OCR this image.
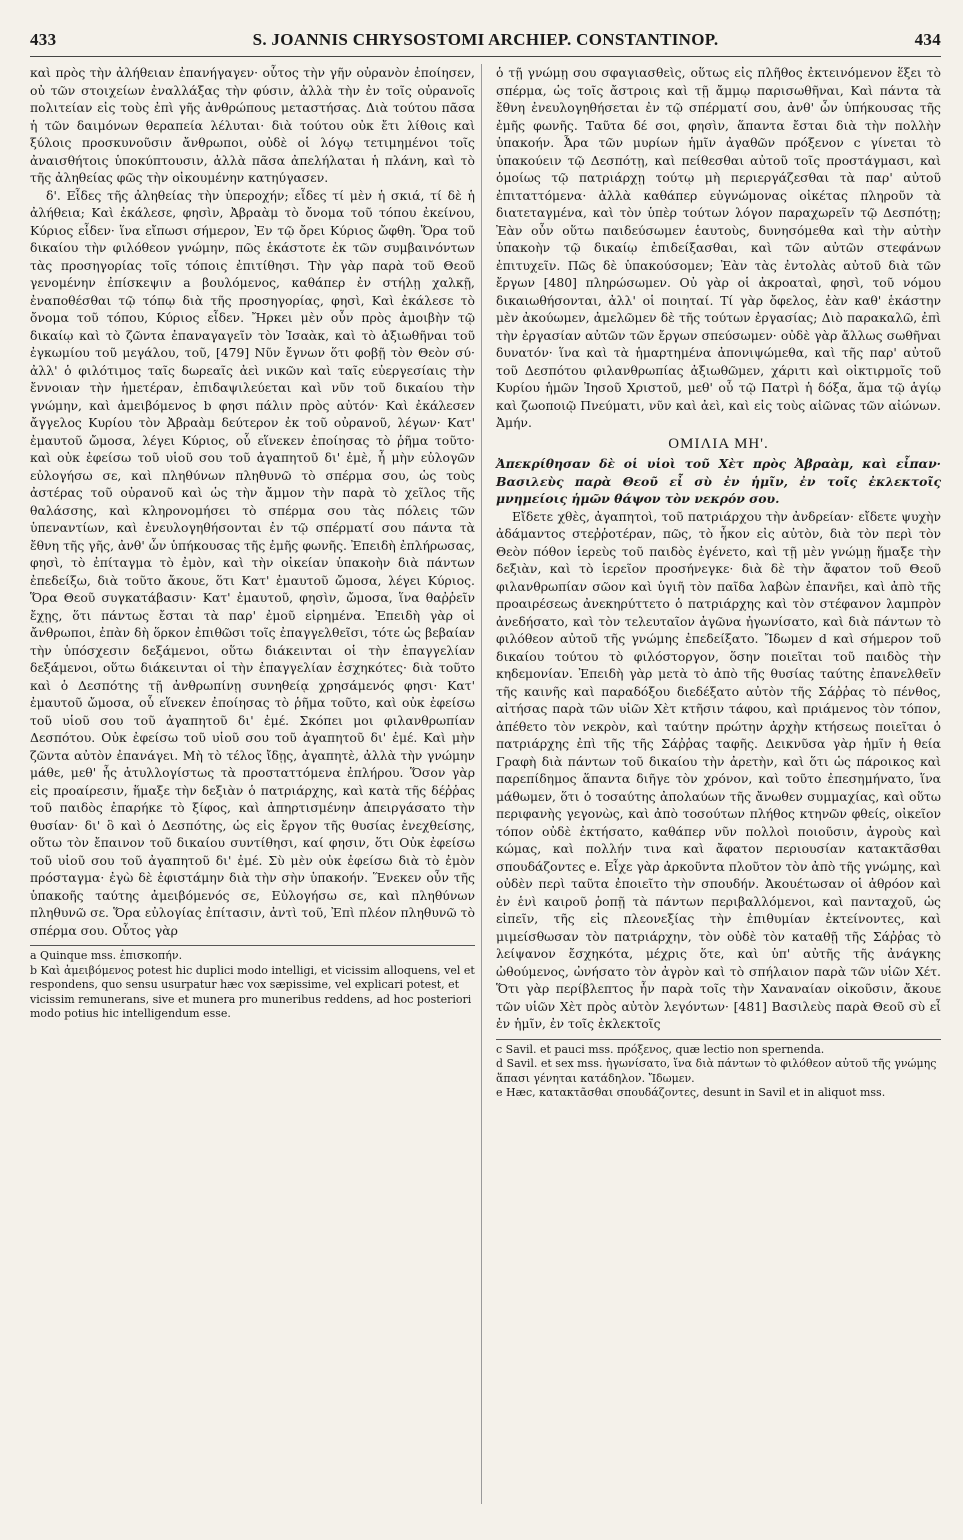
433	S. JOANNIS CHRYSOSTOMI ARCHIEP. CONSTANTINOP.	434

καὶ πρὸς τὴν ἀλήθειαν ἐπανήγαγεν· οὗτος τὴν γῆν οὐρανὸν ἐποίησεν, οὐ τῶν στοιχείων ἐναλλάξας τὴν φύσιν, ἀλλὰ τὴν ἐν τοῖς οὐρανοῖς πολιτείαν εἰς τοὺς ἐπὶ γῆς ἀνθρώπους μεταστήσας. Διὰ τούτου πᾶσα ἡ τῶν δαιμόνων θεραπεία λέλυται· διὰ τούτου οὐκ ἔτι λίθοις καὶ ξύλοις προσκυνοῦσιν ἄνθρωποι, οὐδὲ οἱ λόγῳ τετιμημένοι τοῖς ἀναισθήτοις ὑποκύπτουσιν, ἀλλὰ πᾶσα ἀπελήλαται ἡ πλάνη, καὶ τὸ τῆς ἀληθείας φῶς τὴν οἰκουμένην κατηύγασεν.

δ'. Εἶδες τῆς ἀληθείας τὴν ὑπεροχήν; εἶδες τί μὲν ἡ σκιά, τί δὲ ἡ ἀλήθεια; Καὶ ἐκάλεσε, φησὶν, Ἀβραὰμ τὸ ὄνομα τοῦ τόπου ἐκείνου, Κύριος εἶδεν· ἵνα εἴπωσι σήμερον, Ἐν τῷ ὄρει Κύριος ὤφθη. Ὅρα τοῦ δικαίου τὴν φιλόθεον γνώμην, πῶς ἑκάστοτε ἐκ τῶν συμβαινόντων τὰς προσηγορίας τοῖς τόποις ἐπιτίθησι. Τὴν γὰρ παρὰ τοῦ Θεοῦ γενομένην ἐπίσκεψιν a βουλόμενος, καθάπερ ἐν στήλῃ χαλκῇ, ἐναποθέσθαι τῷ τόπῳ διὰ τῆς προσηγορίας, φησὶ, Καὶ ἐκάλεσε τὸ ὄνομα τοῦ τόπου, Κύριος εἶδεν. Ἤρκει μὲν οὖν πρὸς ἀμοιβὴν τῷ δικαίῳ καὶ τὸ ζῶντα ἐπαναγαγεῖν τὸν Ἰσαὰκ, καὶ τὸ ἀξιωθῆναι τοῦ ἐγκωμίου τοῦ μεγάλου, τοῦ, [479] Νῦν ἔγνων ὅτι φοβῇ τὸν Θεὸν σύ· ἀλλ' ὁ φιλότιμος ταῖς δωρεαῖς ἀεὶ νικῶν καὶ ταῖς εὐεργεσίαις τὴν ἔννοιαν τὴν ἡμετέραν, ἐπιδαψιλεύεται καὶ νῦν τοῦ δικαίου τὴν γνώμην, καὶ ἀμειβόμενος b φησι πάλιν πρὸς αὐτόν· Καὶ ἐκάλεσεν ἄγγελος Κυρίου τὸν Ἀβραὰμ δεύτερον ἐκ τοῦ οὐρανοῦ, λέγων· Κατ' ἐμαυτοῦ ὤμοσα, λέγει Κύριος, οὗ εἵνεκεν ἐποίησας τὸ ῥῆμα τοῦτο· καὶ οὐκ ἐφείσω τοῦ υἱοῦ σου τοῦ ἀγαπητοῦ δι' ἐμὲ, ἦ μὴν εὐλογῶν εὐλογήσω σε, καὶ πληθύνων πληθυνῶ τὸ σπέρμα σου, ὡς τοὺς ἀστέρας τοῦ οὐρανοῦ καὶ ὡς τὴν ἄμμον τὴν παρὰ τὸ χεῖλος τῆς θαλάσσης, καὶ κληρονομήσει τὸ σπέρμα σου τὰς πόλεις τῶν ὑπεναντίων, καὶ ἐνευλογηθήσονται ἐν τῷ σπέρματί σου πάντα τὰ ἔθνη τῆς γῆς, ἀνθ' ὧν ὑπήκουσας τῆς ἐμῆς φωνῆς. Ἐπειδὴ ἐπλήρωσας, φησὶ, τὸ ἐπίταγμα τὸ ἐμὸν, καὶ τὴν οἰκείαν ὑπακοὴν διὰ πάντων ἐπεδείξω, διὰ τοῦτο ἄκουε, ὅτι Κατ' ἐμαυτοῦ ὤμοσα, λέγει Κύριος. Ὅρα Θεοῦ συγκατάβασιν· Κατ' ἐμαυτοῦ, φησὶν, ὤμοσα, ἵνα θαῤῥεῖν ἔχῃς, ὅτι πάντως ἔσται τὰ παρ' ἐμοῦ εἰρημένα. Ἐπειδὴ γὰρ οἱ ἄνθρωποι, ἐπὰν δὴ ὅρκον ἐπιθῶσι τοῖς ἐπαγγελθεῖσι, τότε ὡς βεβαίαν τὴν ὑπόσχεσιν δεξάμενοι, οὕτω διάκεινται οἱ τὴν ἐπαγγελίαν δεξάμενοι, οὕτω διάκεινται οἱ τὴν ἐπαγγελίαν ἐσχηκότες· διὰ τοῦτο καὶ ὁ Δεσπότης τῇ ἀνθρωπίνῃ συνηθείᾳ χρησάμενός φησι· Κατ' ἐμαυτοῦ ὤμοσα, οὗ εἵνεκεν ἐποίησας τὸ ῥῆμα τοῦτο, καὶ οὐκ ἐφείσω τοῦ υἱοῦ σου τοῦ ἀγαπητοῦ δι' ἐμέ. Σκόπει μοι φιλανθρωπίαν Δεσπότου. Οὐκ ἐφείσω τοῦ υἱοῦ σου τοῦ ἀγαπητοῦ δι' ἐμέ. Καὶ μὴν ζῶντα αὐτὸν ἐπανάγει. Μὴ τὸ τέλος ἴδῃς, ἀγαπητὲ, ἀλλὰ τὴν γνώμην μάθε, μεθ' ἧς ἀτυλλογίστως τὰ προσταττόμενα ἐπλήρου. Ὅσον γὰρ εἰς προαίρεσιν, ἥμαξε τὴν δεξιὰν ὁ πατριάρχης, καὶ κατὰ τῆς δέῤῥας τοῦ παιδὸς ἐπαρήκε τὸ ξίφος, καὶ ἀπηρτισμένην ἀπειργάσατο τὴν θυσίαν· δι' ὃ καὶ ὁ Δεσπότης, ὡς εἰς ἔργον τῆς θυσίας ἐνεχθείσης, οὕτω τὸν ἔπαινον τοῦ δικαίου συντίθησι, καί φησιν, ὅτι Οὐκ ἐφείσω τοῦ υἱοῦ σου τοῦ ἀγαπητοῦ δι' ἐμέ. Σὺ μὲν οὐκ ἐφείσω διὰ τὸ ἐμὸν πρόσταγμα· ἐγὼ δὲ ἐφιστάμην διὰ τὴν σὴν ὑπακοήν. Ἕνεκεν οὖν τῆς ὑπακοῆς ταύτης ἀμειβόμενός σε, Εὐλογήσω σε, καὶ πληθύνων πληθυνῶ σε. Ὅρα εὐλογίας ἐπίτασιν, ἀντὶ τοῦ, Ἐπὶ πλέον πληθυνῶ τὸ σπέρμα σου. Οὗτος γὰρ

a Quinque mss. ἐπισκοπήν.
b Καὶ ἀμειβόμενος potest hic duplici modo intelligi, et vicissim alloquens, vel et respondens, quo sensu usurpatur hæc vox sæpissime, vel explicari potest, et vicissim remunerans, sive et munera pro muneribus reddens, ad hoc posteriori modo potius hic intelligendum esse.

ὁ τῇ γνώμῃ σου σφαγιασθεὶς, οὕτως εἰς πλῆθος ἐκτεινόμενον ἕξει τὸ σπέρμα, ὡς τοῖς ἄστροις καὶ τῇ ἄμμῳ παρισωθῆναι, Καὶ πάντα τὰ ἔθνη ἐνευλογηθήσεται ἐν τῷ σπέρματί σου, ἀνθ' ὧν ὑπήκουσας τῆς ἐμῆς φωνῆς. Ταῦτα δέ σοι, φησὶν, ἅπαντα ἔσται διὰ τὴν πολλὴν ὑπακοήν. Ἆρα τῶν μυρίων ἡμῖν ἀγαθῶν πρόξενον c γίνεται τὸ ὑπακούειν τῷ Δεσπότῃ, καὶ πείθεσθαι αὐτοῦ τοῖς προστάγμασι, καὶ ὁμοίως τῷ πατριάρχῃ τούτῳ μὴ περιεργάζεσθαι τὰ παρ' αὐτοῦ ἐπιταττόμενα· ἀλλὰ καθάπερ εὐγνώμονας οἰκέτας πληροῦν τὰ διατεταγμένα, καὶ τὸν ὑπὲρ τούτων λόγον παραχωρεῖν τῷ Δεσπότῃ; Ἐὰν οὖν οὕτω παιδεύσωμεν ἑαυτοὺς, δυνησόμεθα καὶ τὴν αὐτὴν ὑπακοὴν τῷ δικαίῳ ἐπιδείξασθαι, καὶ τῶν αὐτῶν στεφάνων ἐπιτυχεῖν. Πῶς δὲ ὑπακούσομεν; Ἐὰν τὰς ἐντολὰς αὐτοῦ διὰ τῶν ἔργων [480] πληρώσωμεν. Οὐ γὰρ οἱ ἀκροαταὶ, φησὶ, τοῦ νόμου δικαιωθήσονται, ἀλλ' οἱ ποιηταί. Τί γὰρ ὄφελος, ἐὰν καθ' ἑκάστην μὲν ἀκούωμεν, ἀμελῶμεν δὲ τῆς τούτων ἐργασίας; Διὸ παρακαλῶ, ἐπὶ τὴν ἐργασίαν αὐτῶν τῶν ἔργων σπεύσωμεν· οὐδὲ γὰρ ἄλλως σωθῆναι δυνατόν· ἵνα καὶ τὰ ἡμαρτημένα ἀπονιψώμεθα, καὶ τῆς παρ' αὐτοῦ τοῦ Δεσπότου φιλανθρωπίας ἀξιωθῶμεν, χάριτι καὶ οἰκτιρμοῖς τοῦ Κυρίου ἡμῶν Ἰησοῦ Χριστοῦ, μεθ' οὗ τῷ Πατρὶ ἡ δόξα, ἅμα τῷ ἁγίῳ καὶ ζωοποιῷ Πνεύματι, νῦν καὶ ἀεὶ, καὶ εἰς τοὺς αἰῶνας τῶν αἰώνων. Ἀμήν.

ΟΜΙΛΙΑ ΜΗ'.

Ἀπεκρίθησαν δὲ οἱ υἱοὶ τοῦ Χὲτ πρὸς Ἀβραὰμ, καὶ εἶπαν· Βασιλεὺς παρὰ Θεοῦ εἶ σὺ ἐν ἡμῖν, ἐν τοῖς ἐκλεκτοῖς μνημείοις ἡμῶν θάψον τὸν νεκρόν σου.

Εἴδετε χθὲς, ἀγαπητοὶ, τοῦ πατριάρχου τὴν ἀνδρείαν· εἴδετε ψυχὴν ἀδάμαντος στεῤῥοτέραν, πῶς, τὸ ἦκον εἰς αὐτὸν, διὰ τὸν περὶ τὸν Θεὸν πόθον ἱερεὺς τοῦ παιδὸς ἐγένετο, καὶ τῇ μὲν γνώμῃ ἥμαξε τὴν δεξιὰν, καὶ τὸ ἱερεῖον προσήνεγκε· διὰ δὲ τὴν ἄφατον τοῦ Θεοῦ φιλανθρωπίαν σῶον καὶ ὑγιῆ τὸν παῖδα λαβὼν ἐπανῆει, καὶ ἀπὸ τῆς προαιρέσεως ἀνεκηρύττετο ὁ πατριάρχης καὶ τὸν στέφανον λαμπρὸν ἀνεδήσατο, καὶ τὸν τελευταῖον ἀγῶνα ἠγωνίσατο, καὶ διὰ πάντων τὸ φιλόθεον αὐτοῦ τῆς γνώμης ἐπεδείξατο. Ἴδωμεν d καὶ σήμερον τοῦ δικαίου τούτου τὸ φιλόστοργον, ὅσην ποιεῖται τοῦ παιδὸς τὴν κηδεμονίαν. Ἐπειδὴ γὰρ μετὰ τὸ ἀπὸ τῆς θυσίας ταύτης ἐπανελθεῖν τῆς καινῆς καὶ παραδόξου διεδέξατο αὐτὸν τῆς Σάῤῥας τὸ πένθος, αἰτήσας παρὰ τῶν υἱῶν Χὲτ κτῆσιν τάφου, καὶ πριάμενος τὸν τόπον, ἀπέθετο τὸν νεκρὸν, καὶ ταύτην πρώτην ἀρχὴν κτήσεως ποιεῖται ὁ πατριάρχης ἐπὶ τῆς τῆς Σάῤῥας ταφῆς. Δεικνῦσα γὰρ ἡμῖν ἡ θεία Γραφὴ διὰ πάντων τοῦ δικαίου τὴν ἀρετὴν, καὶ ὅτι ὡς πάροικος καὶ παρεπίδημος ἅπαντα διῆγε τὸν χρόνον, καὶ τοῦτο ἐπεσημήνατο, ἵνα μάθωμεν, ὅτι ὁ τοσαύτης ἀπολαύων τῆς ἄνωθεν συμμαχίας, καὶ οὕτω περιφανὴς γεγονὼς, καὶ ἀπὸ τοσούτων πλήθος κτηνῶν φθείς, οἰκεῖον τόπον οὐδὲ ἐκτήσατο, καθάπερ νῦν πολλοὶ ποιοῦσιν, ἀγροὺς καὶ κώμας, καὶ πολλήν τινα καὶ ἄφατον περιουσίαν κατακτᾶσθαι σπουδάζοντες e. Εἶχε γὰρ ἀρκοῦντα πλοῦτον τὸν ἀπὸ τῆς γνώμης, καὶ οὐδὲν περὶ ταῦτα ἐποιεῖτο τὴν σπουδήν. Ἀκουέτωσαν οἱ ἀθρόον καὶ ἐν ἑνὶ καιροῦ ῥοπῇ τὰ πάντων περιβαλλόμενοι, καὶ πανταχοῦ, ὡς εἰπεῖν, τῆς εἰς πλεονεξίας τὴν ἐπιθυμίαν ἐκτείνοντες, καὶ μιμείσθωσαν τὸν πατριάρχην, τὸν οὐδὲ τὸν καταθῇ τῆς Σάῤῥας τὸ λείψανον ἔσχηκότα, μέχρις ὅτε, καὶ ὑπ' αὐτῆς τῆς ἀνάγκης ὠθούμενος, ὠνήσατο τὸν ἀγρὸν καὶ τὸ σπήλαιον παρὰ τῶν υἱῶν Χέτ. Ὅτι γὰρ περίβλεπτος ἦν παρὰ τοῖς τὴν Χαναναίαν οἰκοῦσιν, ἄκουε τῶν υἱῶν Χὲτ πρὸς αὐτὸν λεγόντων· [481] Βασιλεὺς παρὰ Θεοῦ σὺ εἶ ἐν ἡμῖν, ἐν τοῖς ἐκλεκτοῖς

c Savil. et pauci mss. πρόξενος, quæ lectio non spernenda.
d Savil. et sex mss. ἠγωνίσατο, ἵνα διὰ πάντων τὸ φιλόθεον αὐτοῦ τῆς γνώμης ἅπασι γένηται κατάδηλον. Ἴδωμεν.
e Hæc, κατακτᾶσθαι σπουδάζοντες, desunt in Savil et in aliquot mss.
